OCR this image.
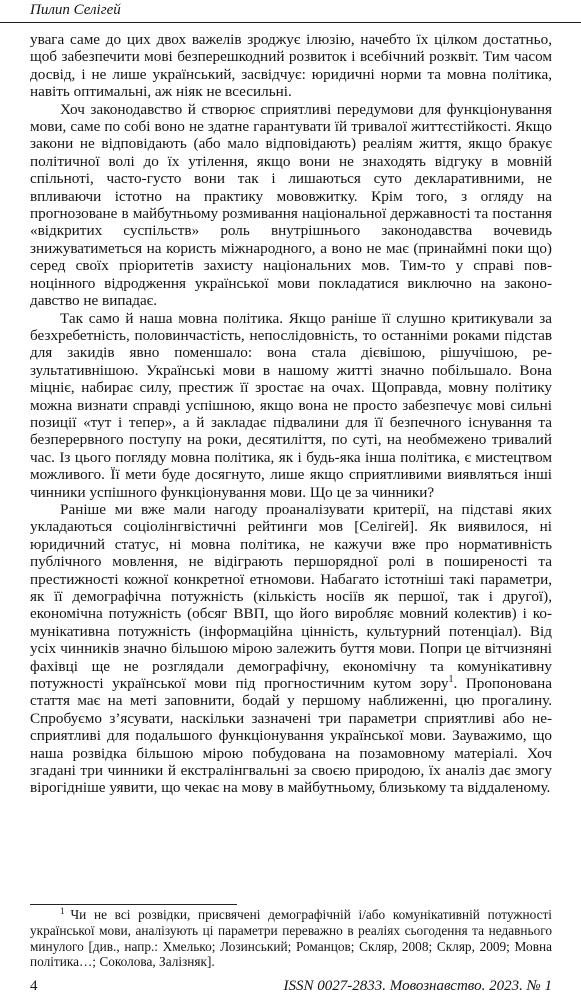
Пилип Селігей

увага саме до цих двох важелів зроджує ілюзію, начебто їх цілком достатньо, щоб забезпечити мові безперешкодний розвиток і всебічний розквіт. Тим часом досвід, і не лише український, засвідчує: юридичні норми та мовна політика, навіть оптимальні, аж ніяк не всесильні.

Хоч законодавство й створює сприятливі передумови для функціонування мови, саме по собі воно не здатне гарантувати їй тривалої життєстійкості. Якщо закони не відповідають (або мало відповідають) реаліям життя, якщо бракує політичної волі до їх утілення, якщо вони не знаходять відгуку в мовній спільноті, часто-густо вони так і лишаються суто декларативними, не впливаючи істотно на практику мововжитку. Крім того, з огляду на прогнозоване в майбутньому розмивання національної державності та постання «відкритих суспільств» роль внутрішнього законодавства вочевидь знижуватиметься на користь міжнародного, а воно не має (принаймні поки що) серед своїх пріоритетів захисту національних мов. Тим-то у справі повноцінного відродження української мови покладатися виключно на законодавство не випадає.

Так само й наша мовна політика. Якщо раніше її слушно критикували за безхребетність, половинчастість, непослідовність, то останніми роками підстав для закидів явно поменшало: вона стала дієвішою, рішучішою, результативнішою. Українські мови в нашому житті значно побільшало. Вона міцніє, набирає силу, престиж її зростає на очах. Щоправда, мовну політику можна визнати справді успішною, якщо вона не просто забезпечує мові сильні позиції «тут і тепер», а й закладає підвалини для її безпечного існування та безперервного поступу на роки, десятиліття, по суті, на необмежено тривалий час. Із цього погляду мовна політика, як і будь-яка інша політика, є мистецтвом можливого. Її мети буде досягнуто, лише якщо сприятливими виявляться інші чинники успішного функціонування мови. Що це за чинники?

Раніше ми вже мали нагоду проаналізувати критерії, на підставі яких укладаються соціолінгвістичні рейтинги мов [Селігей]. Як виявилося, ні юридичний статус, ні мовна політика, не кажучи вже про нормативність публічного мовлення, не відіграють першорядної ролі в поширеності та престижності кожної конкретної етномови. Набагато істотніші такі параметри, як її демографічна потужність (кількість носіїв як першої, так і другої), економічна потужність (обсяг ВВП, що його виробляє мовний колектив) і комунікативна потужність (інформаційна цінність, культурний потенціал). Від усіх чинників значно більшою мірою залежить буття мови. Попри це вітчизняні фахівці ще не розглядали демографічну, економічну та комунікативну потужності української мови під прогностичним кутом зору$^1$. Пропонована стаття має на меті заповнити, бодай у першому наближенні, цю прогалину. Спробуємо з’ясувати, наскільки зазначені три параметри сприятливі або несприятливі для подальшого функціонування української мови. Зауважимо, що наша розвідка більшою мірою побудована на позамовному матеріалі. Хоч згадані три чинники й екстралінгвальні за своєю природою, їх аналіз дає змогу вірогідніше уявити, що чекає на мову в майбутньому, близькому та віддаленому.

$^1$ Чи не всі розвідки, присвячені демографічній і/або комунікативній потужності української мови, аналізують ці параметри переважно в реаліях сьогодення та недавнього минулого [див., напр.: Хмелько; Лозинський; Романцов; Скляр, 2008; Скляр, 2009; Мовна політика…; Соколова, Залізняк].

4	ISSN 0027-2833. Мовознавство. 2023. № 1
